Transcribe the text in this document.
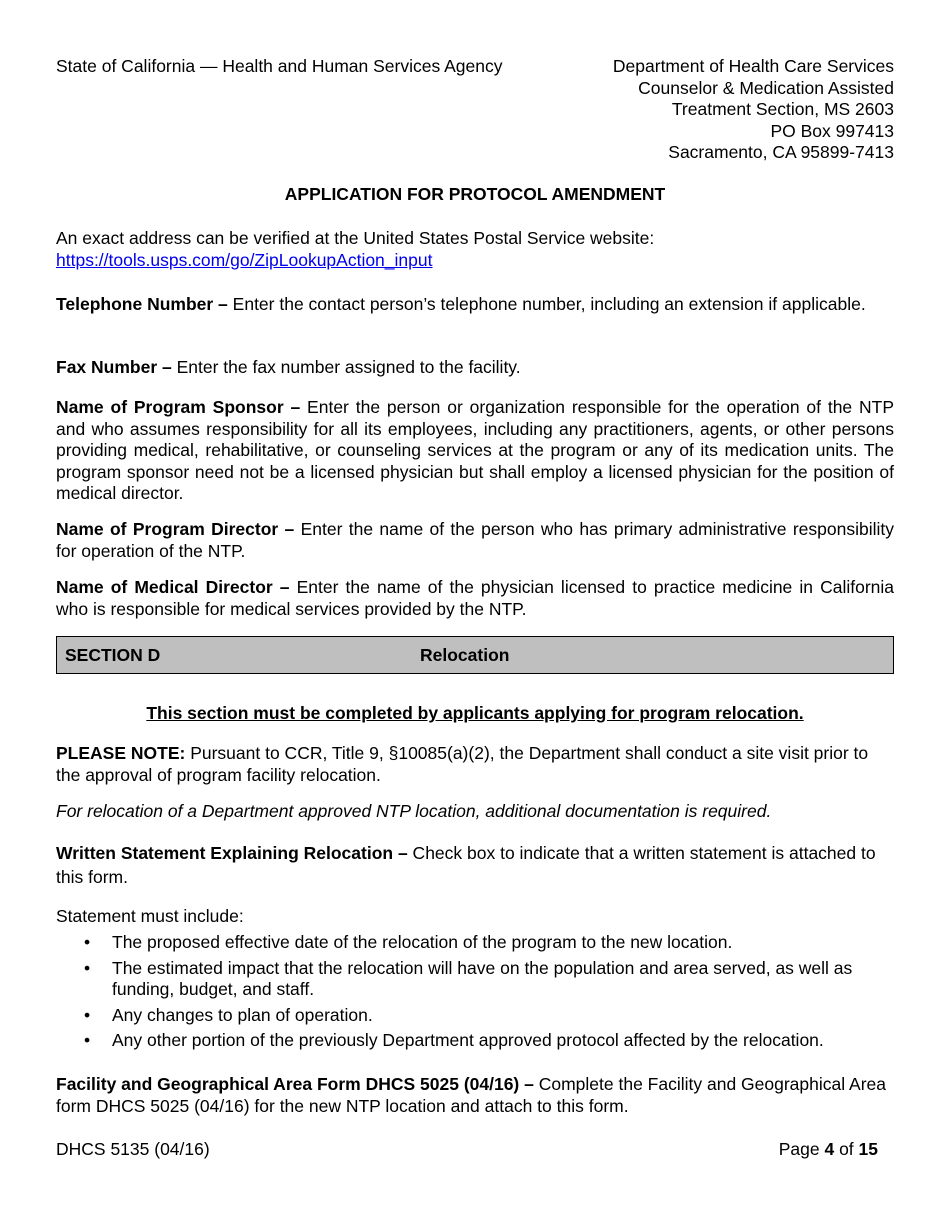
State of California — Health and Human Services Agency	Department of Health Care Services
Counselor & Medication Assisted
Treatment Section, MS 2603
PO Box 997413
Sacramento, CA 95899-7413
APPLICATION FOR PROTOCOL AMENDMENT
An exact address can be verified at the United States Postal Service website:
https://tools.usps.com/go/ZipLookupAction_input
Telephone Number – Enter the contact person’s telephone number, including an extension if applicable.
Fax Number – Enter the fax number assigned to the facility.
Name of Program Sponsor – Enter the person or organization responsible for the operation of the NTP and who assumes responsibility for all its employees, including any practitioners, agents, or other persons providing medical, rehabilitative, or counseling services at the program or any of its medication units. The program sponsor need not be a licensed physician but shall employ a licensed physician for the position of medical director.
Name of Program Director – Enter the name of the person who has primary administrative responsibility for operation of the NTP.
Name of Medical Director – Enter the name of the physician licensed to practice medicine in California who is responsible for medical services provided by the NTP.
SECTION D	Relocation
This section must be completed by applicants applying for program relocation.
PLEASE NOTE: Pursuant to CCR, Title 9, §10085(a)(2), the Department shall conduct a site visit prior to the approval of program facility relocation.
For relocation of a Department approved NTP location, additional documentation is required.
Written Statement Explaining Relocation – Check box to indicate that a written statement is attached to this form.
Statement must include:
• The proposed effective date of the relocation of the program to the new location.
• The estimated impact that the relocation will have on the population and area served, as well as funding, budget, and staff.
• Any changes to plan of operation.
• Any other portion of the previously Department approved protocol affected by the relocation.
Facility and Geographical Area Form DHCS 5025 (04/16) – Complete the Facility and Geographical Area form DHCS 5025 (04/16) for the new NTP location and attach to this form.
DHCS 5135 (04/16)	Page 4 of 15
